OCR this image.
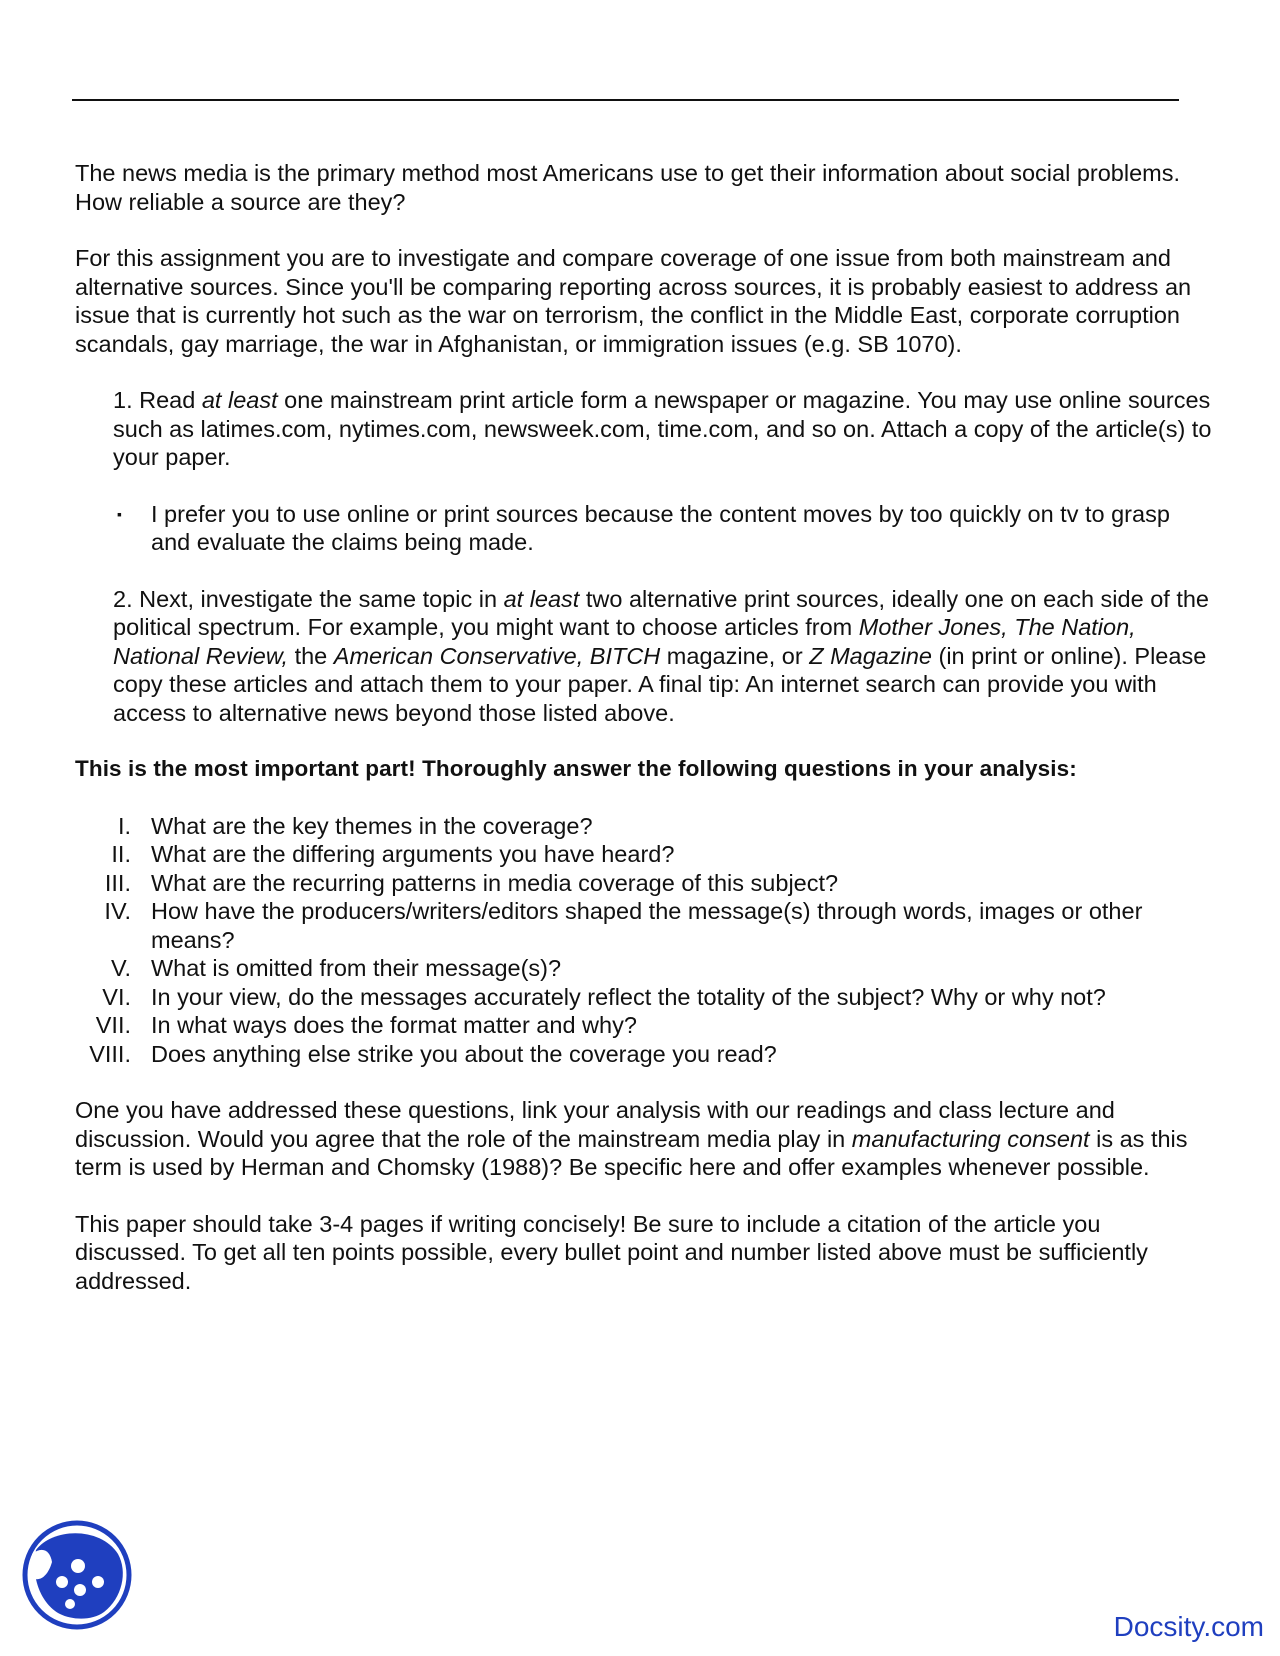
The news media is the primary method most Americans use to get their information about social problems. How reliable a source are they?

For this assignment you are to investigate and compare coverage of one issue from both mainstream and alternative sources. Since you'll be comparing reporting across sources, it is probably easiest to address an issue that is currently hot such as the war on terrorism, the conflict in the Middle East, corporate corruption scandals, gay marriage, the war in Afghanistan, or immigration issues (e.g. SB 1070).

1. Read at least one mainstream print article form a newspaper or magazine. You may use online sources such as latimes.com, nytimes.com, newsweek.com, time.com, and so on. Attach a copy of the article(s) to your paper.

▪	I prefer you to use online or print sources because the content moves by too quickly on tv to grasp and evaluate the claims being made.

2. Next, investigate the same topic in at least two alternative print sources, ideally one on each side of the political spectrum. For example, you might want to choose articles from Mother Jones, The Nation, National Review, the American Conservative, BITCH magazine, or Z Magazine (in print or online). Please copy these articles and attach them to your paper. A final tip: An internet search can provide you with access to alternative news beyond those listed above.

This is the most important part! Thoroughly answer the following questions in your analysis:

I. What are the key themes in the coverage?
II. What are the differing arguments you have heard?
III. What are the recurring patterns in media coverage of this subject?
IV. How have the producers/writers/editors shaped the message(s) through words, images or other means?
V. What is omitted from their message(s)?
VI. In your view, do the messages accurately reflect the totality of the subject? Why or why not?
VII. In what ways does the format matter and why?
VIII. Does anything else strike you about the coverage you read?

One you have addressed these questions, link your analysis with our readings and class lecture and discussion. Would you agree that the role of the mainstream media play in manufacturing consent is as this term is used by Herman and Chomsky (1988)? Be specific here and offer examples whenever possible.

This paper should take 3-4 pages if writing concisely! Be sure to include a citation of the article you discussed. To get all ten points possible, every bullet point and number listed above must be sufficiently addressed.

Docsity.com
